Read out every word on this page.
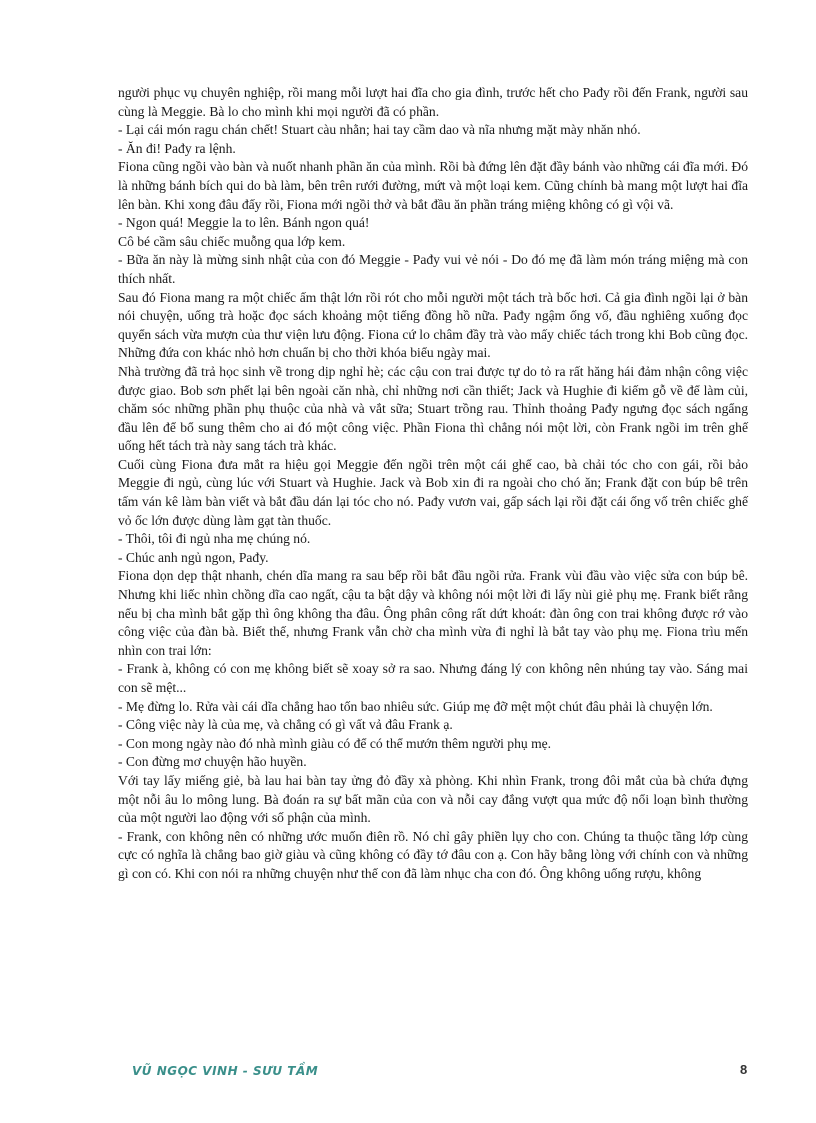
người phục vụ chuyên nghiệp, rồi mang mỗi lượt hai đĩa cho gia đình, trước hết cho Pađy rồi đến Frank, người sau cùng là Meggie. Bà lo cho mình khi mọi người đã có phần.

- Lại cái món ragu chán chết! Stuart càu nhằn; hai tay cầm dao và nĩa nhưng mặt mày nhăn nhó.

- Ăn đi! Pađy ra lệnh.

Fiona cũng ngồi vào bàn và nuốt nhanh phần ăn của mình. Rồi bà đứng lên đặt đầy bánh vào những cái đĩa mới. Đó là những bánh bích qui do bà làm, bên trên rưới đường, mứt và một loại kem. Cũng chính bà mang một lượt hai đĩa lên bàn. Khi xong đâu đấy rồi, Fiona mới ngồi thở và bắt đầu ăn phần tráng miệng không có gì vội vã.

- Ngon quá! Meggie la to lên. Bánh ngon quá!

Cô bé cầm sâu chiếc muỗng qua lớp kem.

- Bữa ăn này là mừng sinh nhật của con đó Meggie - Pađy vui vẻ nói - Do đó mẹ đã làm món tráng miệng mà con thích nhất.

Sau đó Fiona mang ra một chiếc ấm thật lớn rồi rót cho mỗi người một tách trà bốc hơi. Cả gia đình ngồi lại ở bàn nói chuyện, uống trà hoặc đọc sách khoảng một tiếng đồng hồ nữa. Pađy ngậm ống vố, đầu nghiêng xuống đọc quyển sách vừa mượn của thư viện lưu động. Fiona cứ lo châm đầy trà vào mấy chiếc tách trong khi Bob cũng đọc. Những đứa con khác nhỏ hơn chuẩn bị cho thời khóa biểu ngày mai.

Nhà trường đã trả học sinh về trong dịp nghỉ hè; các cậu con trai được tự do tỏ ra rất hăng hái đảm nhận công việc được giao. Bob sơn phết lại bên ngoài căn nhà, chỉ những nơi cần thiết; Jack và Hughie đi kiếm gỗ về để làm củi, chăm sóc những phần phụ thuộc của nhà và vắt sữa; Stuart trồng rau. Thỉnh thoảng Pađy ngưng đọc sách ngẩng đầu lên để bổ sung thêm cho ai đó một công việc. Phần Fiona thì chẳng nói một lời, còn Frank ngồi im trên ghế uống hết tách trà này sang tách trà khác.

Cuối cùng Fiona đưa mắt ra hiệu gọi Meggie đến ngồi trên một cái ghế cao, bà chải tóc cho con gái, rồi bảo Meggie đi ngủ, cùng lúc với Stuart và Hughie. Jack và Bob xin đi ra ngoài cho chó ăn; Frank đặt con búp bê trên tấm ván kê làm bàn viết và bắt đầu dán lại tóc cho nó. Pađy vươn vai, gấp sách lại rồi đặt cái ống vố trên chiếc ghế vỏ ốc lớn được dùng làm gạt tàn thuốc.

- Thôi, tôi đi ngủ nha mẹ chúng nó.

- Chúc anh ngủ ngon, Pađy.

Fiona dọn dẹp thật nhanh, chén dĩa mang ra sau bếp rồi bắt đầu ngồi rửa. Frank vùi đầu vào việc sửa con búp bê. Nhưng khi liếc nhìn chồng dĩa cao ngất, cậu ta bật dậy và không nói một lời đi lấy nùi giẻ phụ mẹ. Frank biết rằng nếu bị cha mình bắt gặp thì ông không tha đâu. Ông phân công rất dứt khoát: đàn ông con trai không được rớ vào công việc của đàn bà. Biết thế, nhưng Frank vẫn chờ cha mình vừa đi nghỉ là bắt tay vào phụ mẹ. Fiona trìu mến nhìn con trai lớn:

- Frank à, không có con mẹ không biết sẽ xoay sở ra sao. Nhưng đáng lý con không nên nhúng tay vào. Sáng mai con sẽ mệt...

- Mẹ đừng lo. Rửa vài cái dĩa chẳng hao tốn bao nhiêu sức. Giúp mẹ đỡ mệt một chút đâu phải là chuyện lớn.

- Công việc này là của mẹ, và chẳng có gì vất vả đâu Frank ạ.

- Con mong ngày nào đó nhà mình giàu có để có thể mướn thêm người phụ mẹ.

- Con đừng mơ chuyện hão huyền.

Với tay lấy miếng giẻ, bà lau hai bàn tay ửng đỏ đầy xà phòng. Khi nhìn Frank, trong đôi mắt của bà chứa đựng một nỗi âu lo mông lung. Bà đoán ra sự bất mãn của con và nỗi cay đắng vượt qua mức độ nổi loạn bình thường của một người lao động với số phận của mình.

- Frank, con không nên có những ước muốn điên rồ. Nó chỉ gây phiền lụy cho con. Chúng ta thuộc tầng lớp cùng cực có nghĩa là chẳng bao giờ giàu và cũng không có đầy tớ đâu con ạ. Con hãy bằng lòng với chính con và những gì con có. Khi con nói ra những chuyện như thế con đã làm nhục cha con đó. Ông không uống rượu, không

VŨ NGỌC VINH - SƯU TẦM	8
